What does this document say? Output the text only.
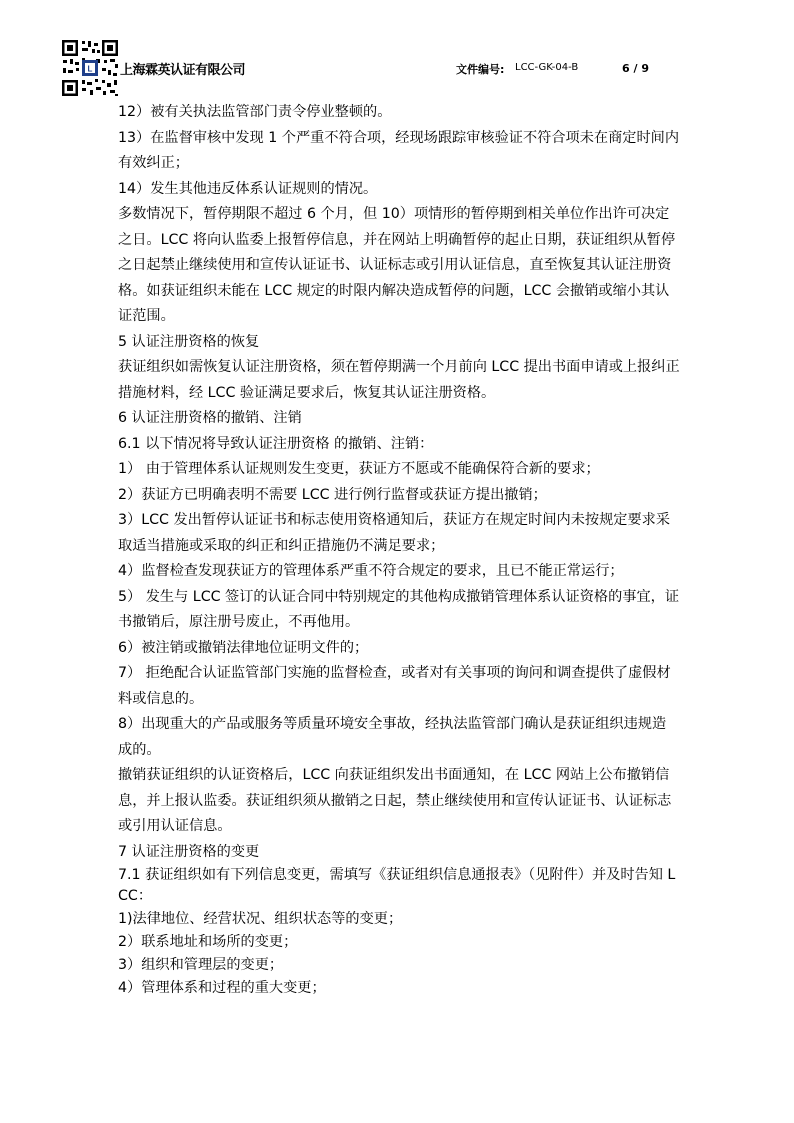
L 上海霖英认证有限公司	文件编号: LCC-GK-04-B	6 / 9

12）被有关执法监管部门责令停业整顿的。

13）在监督审核中发现 1 个严重不符合项，经现场跟踪审核验证不符合项未在商定时间内有效纠正；

14）发生其他违反体系认证规则的情况。

多数情况下，暂停期限不超过 6 个月，但 10）项情形的暂停期到相关单位作出许可决定之日。LCC 将向认监委上报暂停信息，并在网站上明确暂停的起止日期，获证组织从暂停之日起禁止继续使用和宣传认证证书、认证标志或引用认证信息，直至恢复其认证注册资格。如获证组织未能在 LCC 规定的时限内解决造成暂停的问题，LCC 会撤销或缩小其认证范围。

5 认证注册资格的恢复

获证组织如需恢复认证注册资格，须在暂停期满一个月前向 LCC 提出书面申请或上报纠正措施材料，经 LCC 验证满足要求后，恢复其认证注册资格。

6 认证注册资格的撤销、注销

6.1 以下情况将导致认证注册资格 的撤销、注销：

1） 由于管理体系认证规则发生变更，获证方不愿或不能确保符合新的要求；

2）获证方已明确表明不需要 LCC 进行例行监督或获证方提出撤销；

3）LCC 发出暂停认证证书和标志使用资格通知后，获证方在规定时间内未按规定要求采取适当措施或采取的纠正和纠正措施仍不满足要求；

4）监督检查发现获证方的管理体系严重不符合规定的要求，且已不能正常运行；

5） 发生与 LCC 签订的认证合同中特别规定的其他构成撤销管理体系认证资格的事宜，证书撤销后，原注册号废止，不再他用。

6）被注销或撤销法律地位证明文件的；

7） 拒绝配合认证监管部门实施的监督检查，或者对有关事项的询问和调查提供了虚假材料或信息的。

8）出现重大的产品或服务等质量环境安全事故，经执法监管部门确认是获证组织违规造成的。

撤销获证组织的认证资格后，LCC 向获证组织发出书面通知，在 LCC 网站上公布撤销信息，并上报认监委。获证组织须从撤销之日起，禁止继续使用和宣传认证证书、认证标志或引用认证信息。

7 认证注册资格的变更

7.1 获证组织如有下列信息变更，需填写《获证组织信息通报表》（见附件）并及时告知 LCC：

1)法律地位、经营状况、组织状态等的变更；

2）联系地址和场所的变更；

3）组织和管理层的变更；

4）管理体系和过程的重大变更；
